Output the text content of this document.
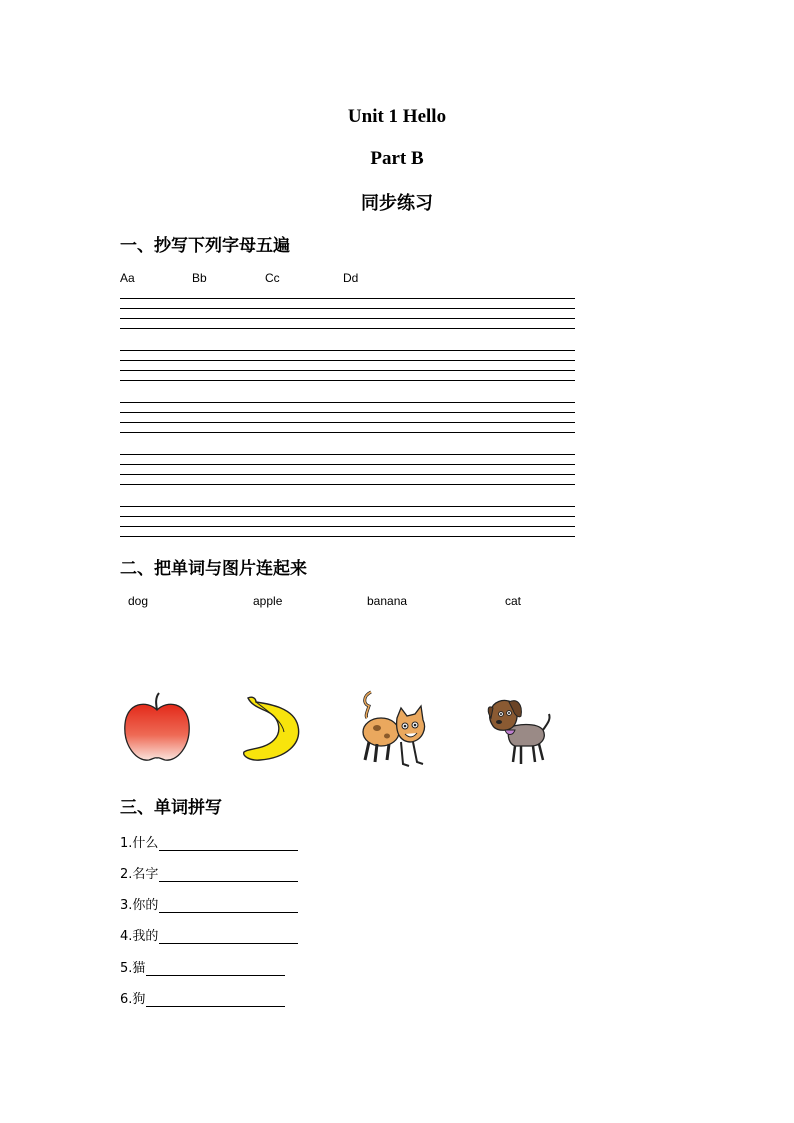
Unit 1 Hello
Part B
同步练习
一、抄写下列字母五遍
Aa	Bb	Cc	Dd
二、把单词与图片连起来
dog	apple	banana	cat
三、单词拼写
1.什么
2.名字
3.你的
4.我的
5.猫
6.狗
